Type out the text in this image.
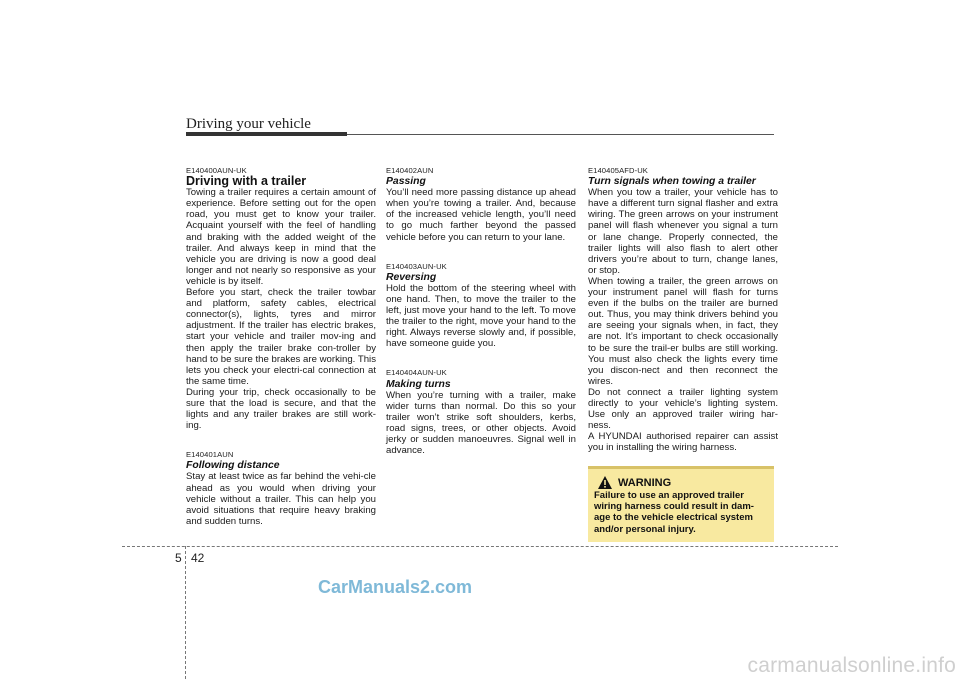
Driving your vehicle

E140400AUN-UK

Driving with a trailer

Towing a trailer requires a certain amount of experience. Before setting out for the open road, you must get to know your trailer. Acquaint yourself with the feel of handling and braking with the added weight of the trailer. And always keep in mind that the vehicle you are driving is now a good deal longer and not nearly so responsive as your vehicle is by itself.

Before you start, check the trailer towbar and platform, safety cables, electrical connector(s), lights, tyres and mirror adjustment. If the trailer has electric brakes, start your vehicle and trailer mov-ing and then apply the trailer brake con-troller by hand to be sure the brakes are working. This lets you check your electri-cal connection at the same time.

During your trip, check occasionally to be sure that the load is secure, and that the lights and any trailer brakes are still work-ing.

E140401AUN

Following distance

Stay at least twice as far behind the vehi-cle ahead as you would when driving your vehicle without a trailer. This can help you avoid situations that require heavy braking and sudden turns.

E140402AUN

Passing

You’ll need more passing distance up ahead when you’re towing a trailer. And, because of the increased vehicle length, you’ll need to go much farther beyond the passed vehicle before you can return to your lane.

E140403AUN-UK

Reversing

Hold the bottom of the steering wheel with one hand. Then, to move the trailer to the left, just move your hand to the left. To move the trailer to the right, move your hand to the right. Always reverse slowly and, if possible, have someone guide you.

E140404AUN-UK

Making turns

When you’re turning with a trailer, make wider turns than normal. Do this so your trailer won’t strike soft shoulders, kerbs, road signs, trees, or other objects. Avoid jerky or sudden manoeuvres. Signal well in advance.

E140405AFD-UK

Turn signals when towing a trailer

When you tow a trailer, your vehicle has to have a different turn signal flasher and extra wiring. The green arrows on your instrument panel will flash whenever you signal a turn or lane change. Properly connected, the trailer lights will also flash to alert other drivers you’re about to turn, change lanes, or stop.

When towing a trailer, the green arrows on your instrument panel will flash for turns even if the bulbs on the trailer are burned out. Thus, you may think drivers behind you are seeing your signals when, in fact, they are not. It’s important to check occasionally to be sure the trail-er bulbs are still working. You must also check the lights every time you discon-nect and then reconnect the wires.

Do not connect a trailer lighting system directly to your vehicle’s lighting system. Use only an approved trailer wiring har-ness.

A HYUNDAI authorised repairer can assist you in installing the wiring harness.

WARNING
Failure to use an approved trailer wiring harness could result in dam-age to the vehicle electrical system and/or personal injury.
5 42
CarManuals2.com
carmanualsonline.info
